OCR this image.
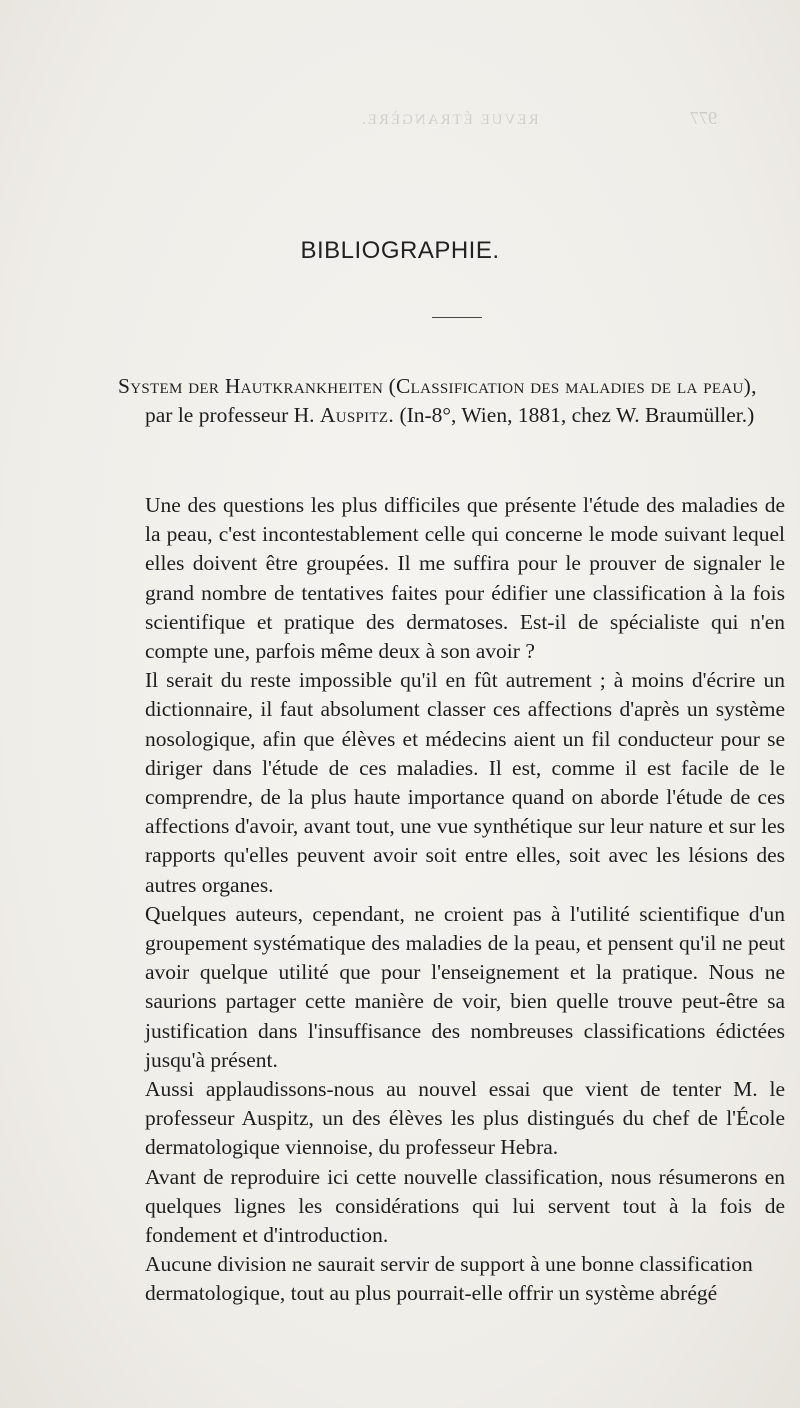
REVUE ÉTRANGÈRE.	977
BIBLIOGRAPHIE.
System der Hautkrankheiten (Classification des maladies de la peau),
par le professeur H. Auspitz. (In-8°, Wien, 1881, chez W. Braumüller.)

Une des questions les plus difficiles que présente l'étude des maladies de la peau, c'est incontestablement celle qui concerne le mode suivant lequel elles doivent être groupées. Il me suffira pour le prouver de signaler le grand nombre de tentatives faites pour édifier une classification à la fois scientifique et pratique des dermatoses. Est-il de spécialiste qui n'en compte une, parfois même deux à son avoir ?

Il serait du reste impossible qu'il en fût autrement ; à moins d'écrire un dictionnaire, il faut absolument classer ces affections d'après un système nosologique, afin que élèves et médecins aient un fil conducteur pour se diriger dans l'étude de ces maladies. Il est, comme il est facile de le comprendre, de la plus haute importance quand on aborde l'étude de ces affections d'avoir, avant tout, une vue synthétique sur leur nature et sur les rapports qu'elles peuvent avoir soit entre elles, soit avec les lésions des autres organes.

Quelques auteurs, cependant, ne croient pas à l'utilité scientifique d'un groupement systématique des maladies de la peau, et pensent qu'il ne peut avoir quelque utilité que pour l'enseignement et la pratique. Nous ne saurions partager cette manière de voir, bien quelle trouve peut-être sa justification dans l'insuffisance des nombreuses classifications édictées jusqu'à présent.

Aussi applaudissons-nous au nouvel essai que vient de tenter M. le professeur Auspitz, un des élèves les plus distingués du chef de l'École dermatologique viennoise, du professeur Hebra.

Avant de reproduire ici cette nouvelle classification, nous résumerons en quelques lignes les considérations qui lui servent tout à la fois de fondement et d'introduction.

Aucune division ne saurait servir de support à une bonne classification dermatologique, tout au plus pourrait-elle offrir un système abrégé
